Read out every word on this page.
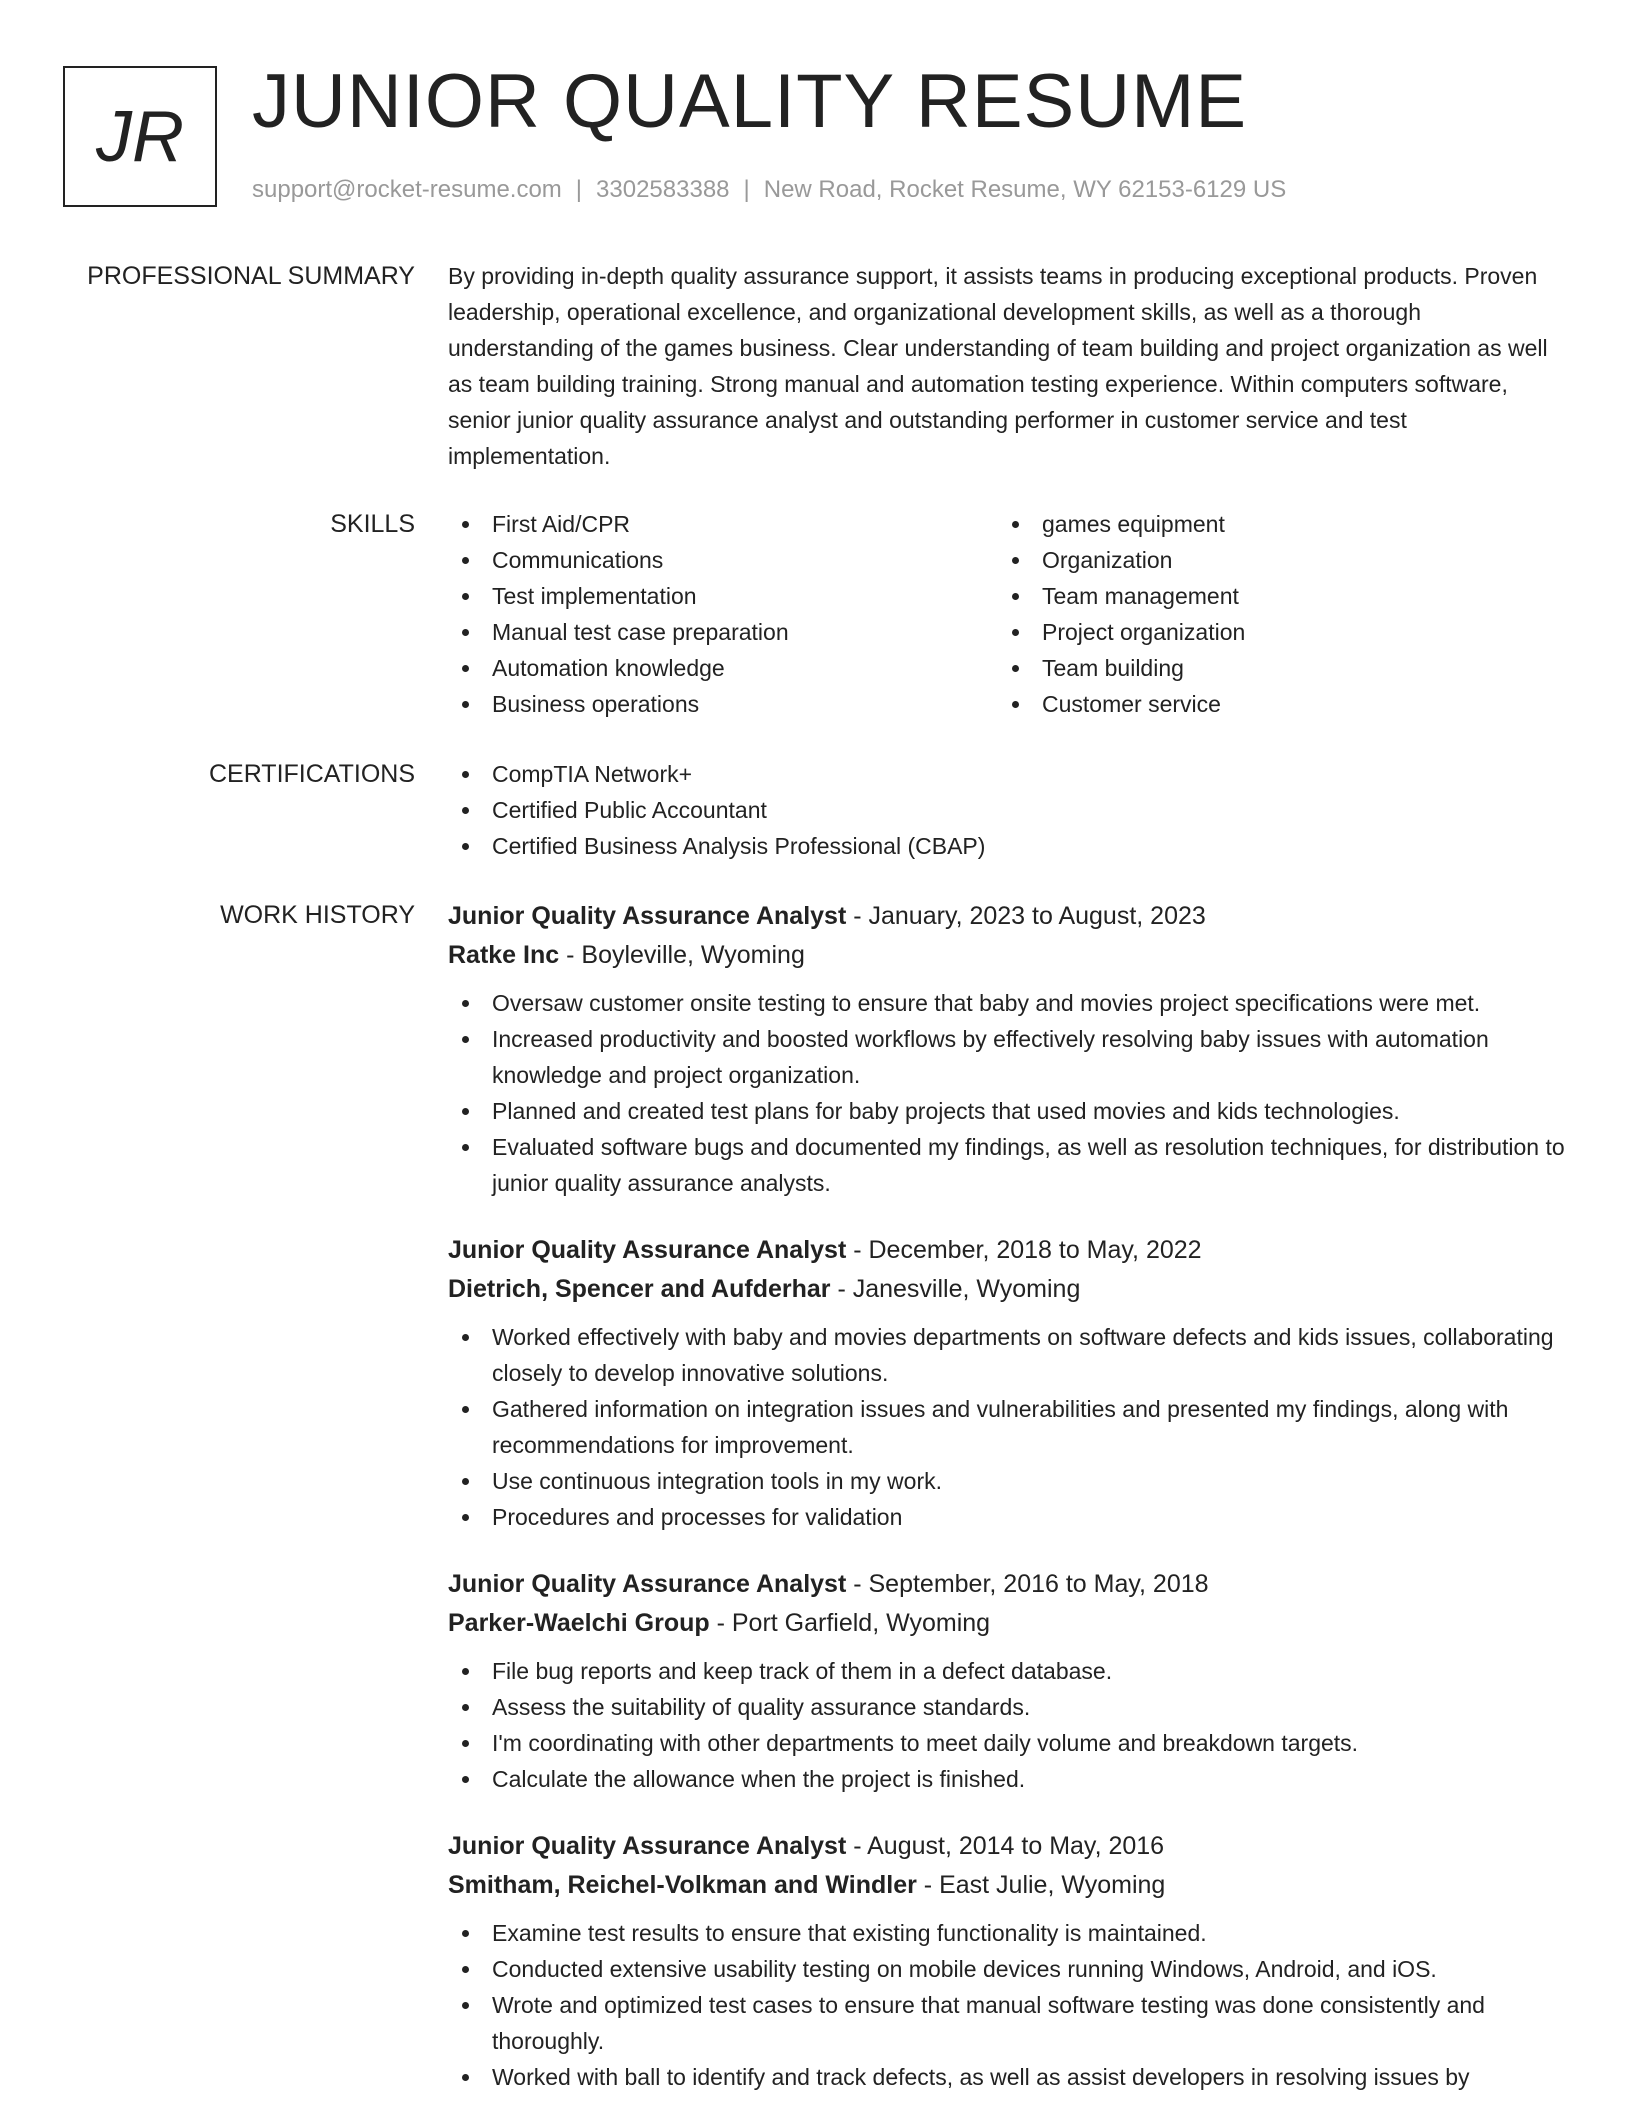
JR JUNIOR QUALITY RESUME
support@rocket-resume.com | 3302583388 | New Road, Rocket Resume, WY 62153-6129 US
PROFESSIONAL SUMMARY By providing in-depth quality assurance support, it assists teams in producing exceptional products. Proven leadership, operational excellence, and organizational development skills, as well as a thorough understanding of the games business. Clear understanding of team building and project organization as well as team building training. Strong manual and automation testing experience. Within computers software, senior junior quality assurance analyst and outstanding performer in customer service and test implementation.
SKILLS	First Aid/CPR
Communications
Test implementation
Manual test case preparation
Automation knowledge
Business operations
games equipment
Organization
Team management
Project organization
Team building
Customer service
CERTIFICATIONS	CompTIA Network+
Certified Public Accountant
Certified Business Analysis Professional (CBAP)
WORK HISTORY Junior Quality Assurance Analyst - January, 2023 to August, 2023
Ratke Inc - Boyleville, Wyoming
Oversaw customer onsite testing to ensure that baby and movies project specifications were met.
Increased productivity and boosted workflows by effectively resolving baby issues with automation knowledge and project organization.
Planned and created test plans for baby projects that used movies and kids technologies.
Evaluated software bugs and documented my findings, as well as resolution techniques, for distribution to junior quality assurance analysts.
Junior Quality Assurance Analyst - December, 2018 to May, 2022
Dietrich, Spencer and Aufderhar - Janesville, Wyoming
Worked effectively with baby and movies departments on software defects and kids issues, collaborating closely to develop innovative solutions.
Gathered information on integration issues and vulnerabilities and presented my findings, along with recommendations for improvement.
Use continuous integration tools in my work.
Procedures and processes for validation
Junior Quality Assurance Analyst - September, 2016 to May, 2018
Parker-Waelchi Group - Port Garfield, Wyoming
File bug reports and keep track of them in a defect database.
Assess the suitability of quality assurance standards.
I'm coordinating with other departments to meet daily volume and breakdown targets.
Calculate the allowance when the project is finished.
Junior Quality Assurance Analyst - August, 2014 to May, 2016
Smitham, Reichel-Volkman and Windler - East Julie, Wyoming
Examine test results to ensure that existing functionality is maintained.
Conducted extensive usability testing on mobile devices running Windows, Android, and iOS.
Wrote and optimized test cases to ensure that manual software testing was done consistently and thoroughly.
Worked with ball to identify and track defects, as well as assist developers in resolving issues by
